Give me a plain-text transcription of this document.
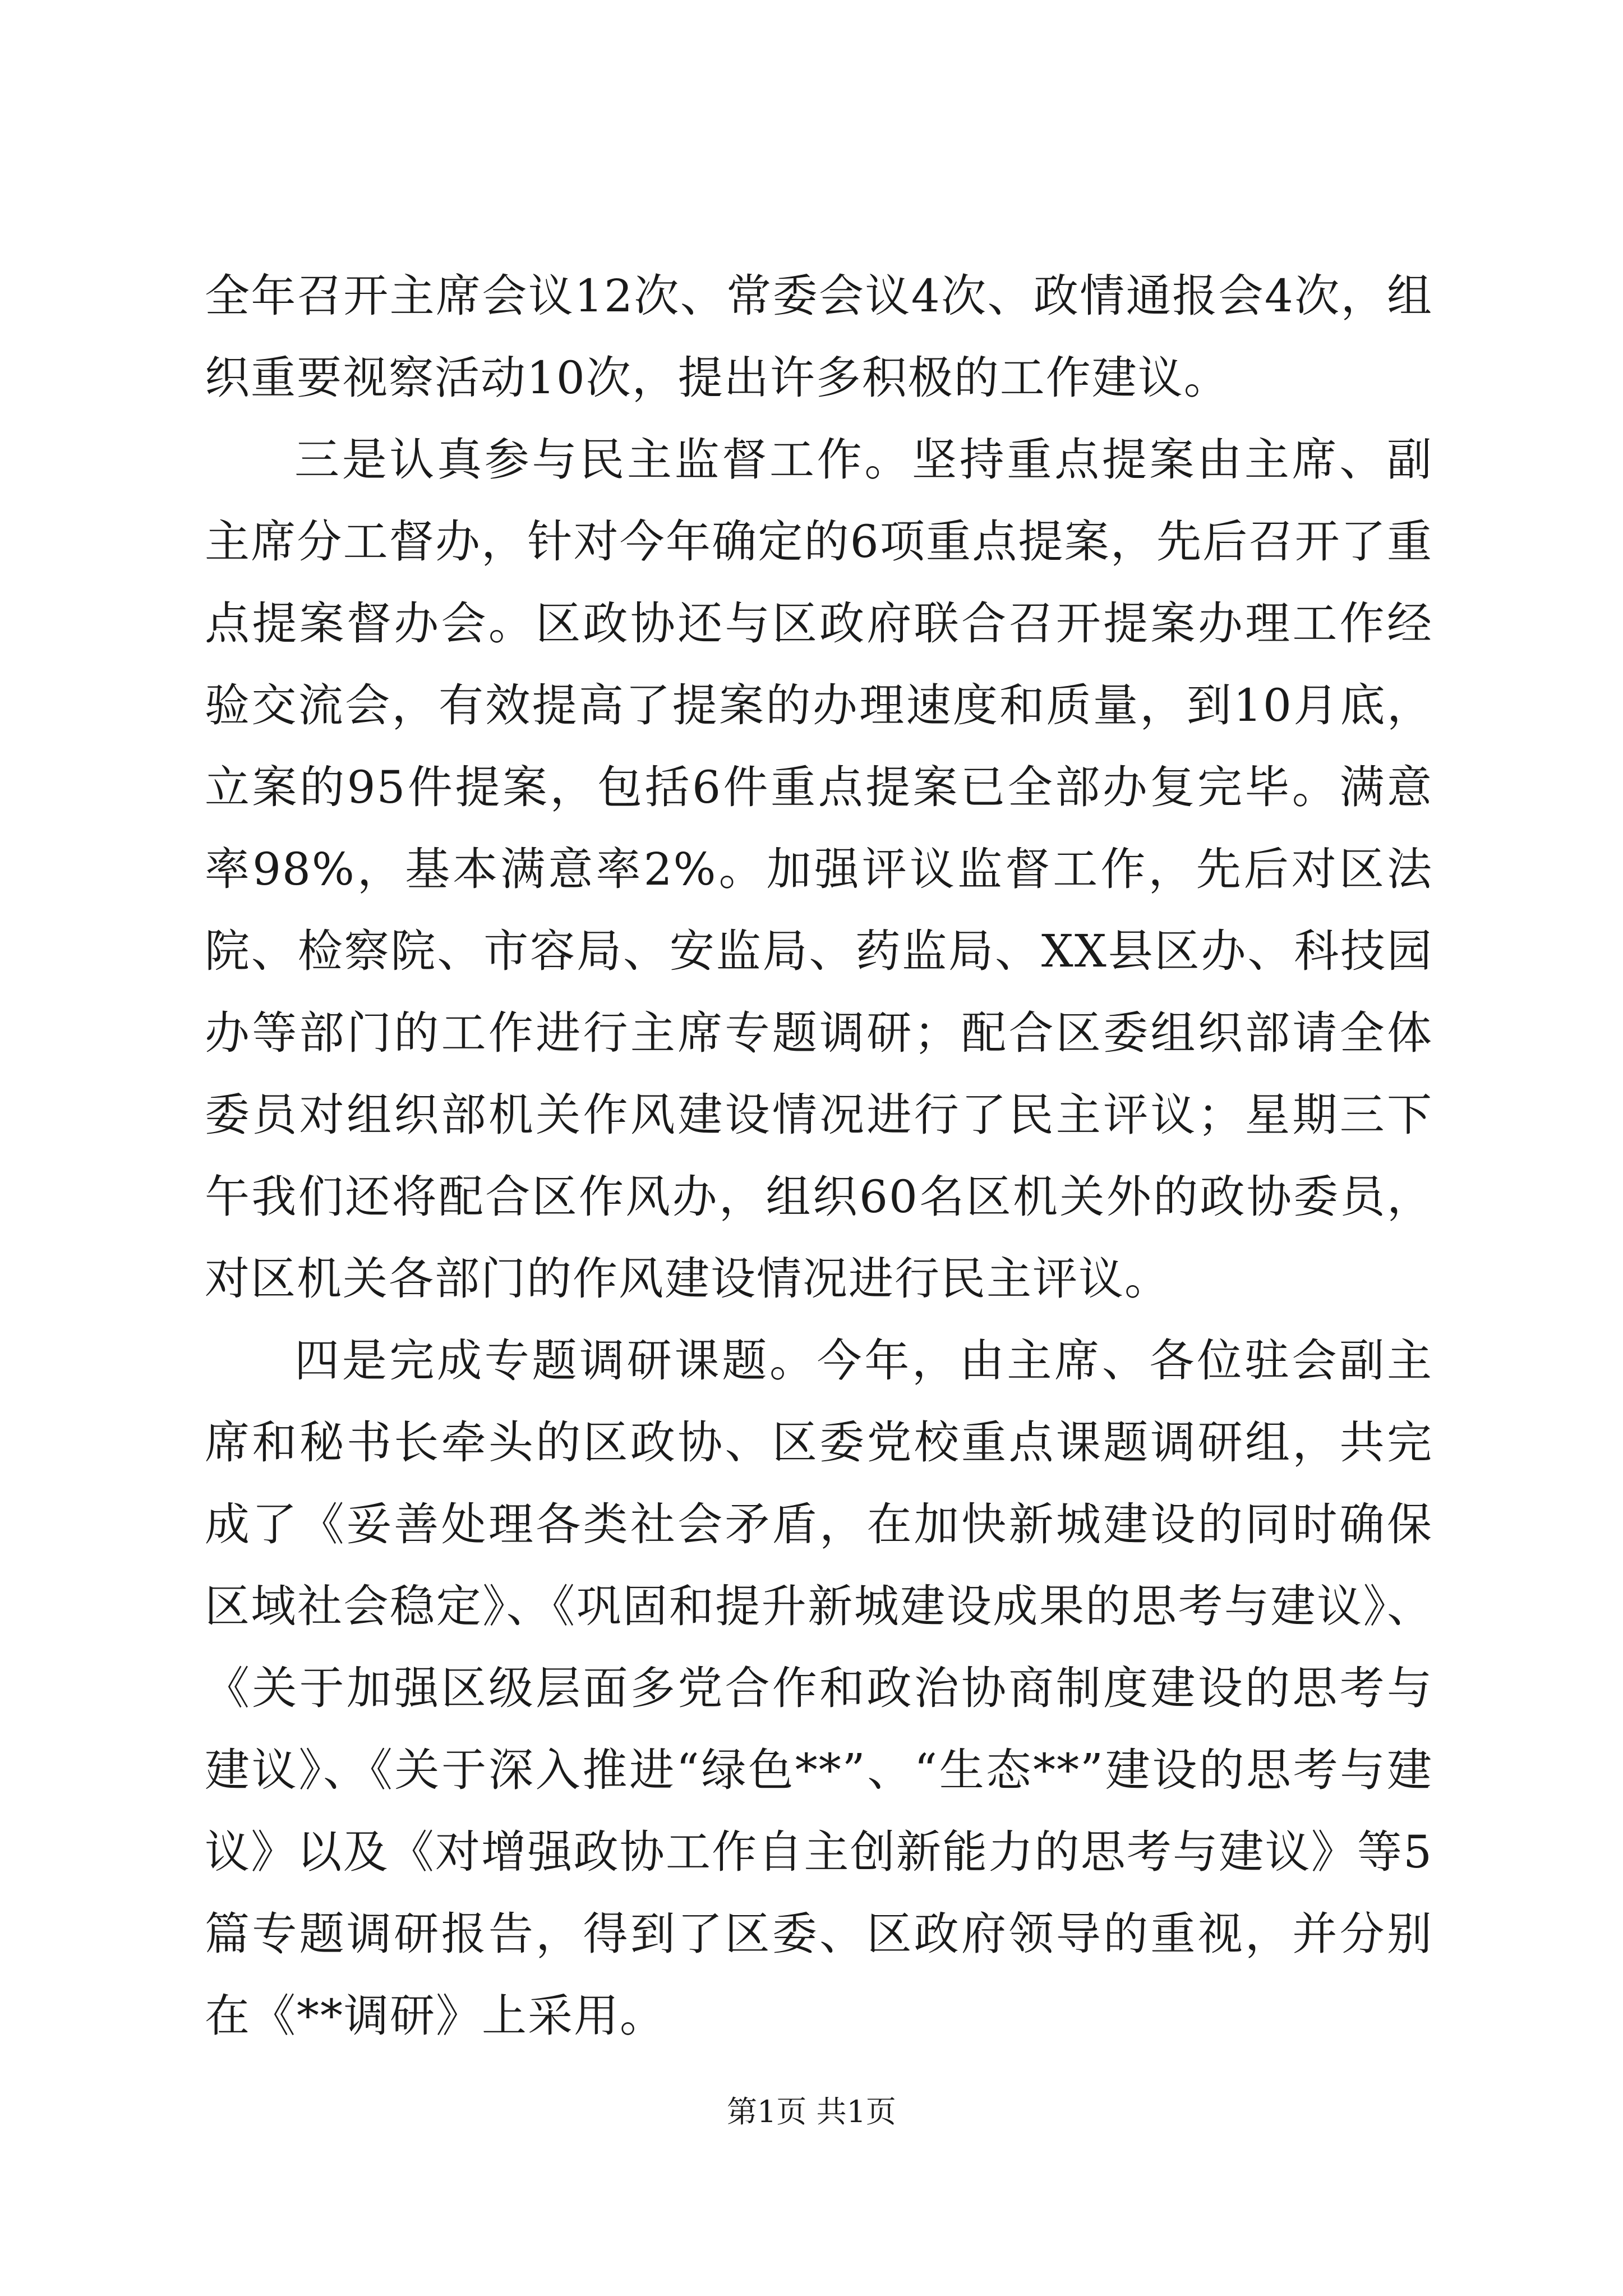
全年召开主席会议12次、常委会议4次、政情通报会4次，组织重要视察活动10次，提出许多积极的工作建议。

三是认真参与民主监督工作。坚持重点提案由主席、副主席分工督办，针对今年确定的6项重点提案，先后召开了重点提案督办会。区政协还与区政府联合召开提案办理工作经验交流会，有效提高了提案的办理速度和质量，到10月底，立案的95件提案，包括6件重点提案已全部办复完毕。满意率98%，基本满意率2%。加强评议监督工作，先后对区法院、检察院、市容局、安监局、药监局、XX县区办、科技园办等部门的工作进行主席专题调研；配合区委组织部请全体委员对组织部机关作风建设情况进行了民主评议；星期三下午我们还将配合区作风办，组织60名区机关外的政协委员，对区机关各部门的作风建设情况进行民主评议。

四是完成专题调研课题。今年，由主席、各位驻会副主席和秘书长牵头的区政协、区委党校重点课题调研组，共完成了《妥善处理各类社会矛盾，在加快新城建设的同时确保区域社会稳定》、《巩固和提升新城建设成果的思考与建议》、《关于加强区级层面多党合作和政治协商制度建设的思考与建议》、《关于深入推进“绿色**”、“生态**”建设的思考与建议》以及《对增强政协工作自主创新能力的思考与建议》等5篇专题调研报告，得到了区委、区政府领导的重视，并分别在《**调研》上采用。

第1页 共1页
